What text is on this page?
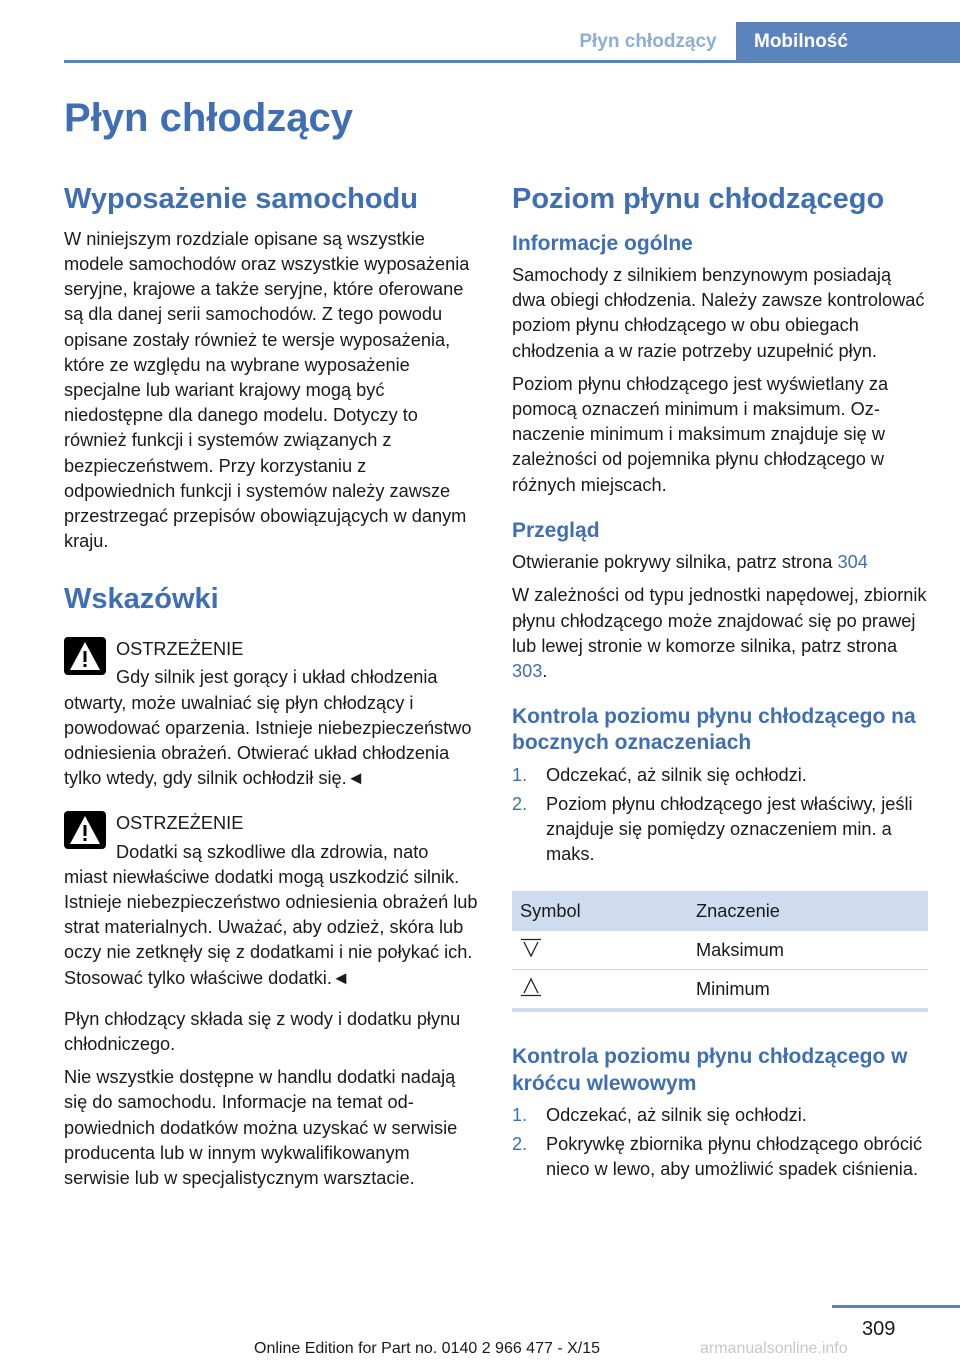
Płyn chłodzący	Mobilność
Płyn chłodzący
Wyposażenie samochodu

W niniejszym rozdziale opisane są wszystkie modele samochodów oraz wszystkie wyposażenia seryjne, krajowe a także seryjne, które oferowane są dla danej serii samochodów. Z tego powodu opisane zostały również te wersje wyposażenia, które ze względu na wybrane wyposażenie specjalne lub wariant krajowy mogą być niedostępne dla danego modelu. Dotyczy to również funkcji i systemów związanych z bezpieczeństwem. Przy korzystaniu z odpowiednich funkcji i systemów należy zawsze przestrzegać przepisów obowiązujących w danym kraju.

Wskazówki
OSTRZEŻENIE
Gdy silnik jest gorący i układ chłodzenia
otwarty, może uwalniać się płyn chłodzący i powodować oparzenia. Istnieje niebezpieczeństwo odniesienia obrażeń. Otwierać układ chłodzenia tylko wtedy, gdy silnik ochłodził się.◄
OSTRZEŻENIE
Dodatki są szkodliwe dla zdrowia, nato
miast niewłaściwe dodatki mogą uszkodzić silnik. Istnieje niebezpieczeństwo odniesienia obrażeń lub strat materialnych. Uważać, aby odzież, skóra lub oczy nie zetknęły się z dodatkami i nie połykać ich. Stosować tylko właściwe dodatki.◄

Płyn chłodzący składa się z wody i dodatku płynu chłodniczego.

Nie wszystkie dostępne w handlu dodatki nadają się do samochodu. Informacje na temat odpowiednich dodatków można uzyskać w serwisie producenta lub w innym wykwalifikowanym serwisie lub w specjalistycznym warsztacie.

Poziom płynu chłodzącego
Informacje ogólne

Samochody z silnikiem benzynowym posiadają dwa obiegi chłodzenia. Należy zawsze kontrolować poziom płynu chłodzącego w obu obiegach chłodzenia a w razie potrzeby uzupełnić płyn.

Poziom płynu chłodzącego jest wyświetlany za pomocą oznaczeń minimum i maksimum. Oznaczenie minimum i maksimum znajduje się w zależności od pojemnika płynu chłodzącego w różnych miejscach.

Przegląd

Otwieranie pokrywy silnika, patrz strona 304

W zależności od typu jednostki napędowej, zbiornik płynu chłodzącego może znajdować się po prawej lub lewej stronie w komorze silnika, patrz strona 303.

Kontrola poziomu płynu chłodzącego na bocznych oznaczeniach
1. Odczekać, aż silnik się ochłodzi.
2. Poziom płynu chłodzącego jest właściwy, jeśli znajduje się pomiędzy oznaczeniem min. a maks.
Symbol	Znaczenie
	Maksimum
	Minimum
Kontrola poziomu płynu chłodzącego w króćcu wlewowym
1. Odczekać, aż silnik się ochłodzi.
2. Pokrywkę zbiornika płynu chłodzącego obrócić nieco w lewo, aby umożliwić spadek ciśnienia.
309
Online Edition for Part no. 0140 2 966 477 - X/15	armanualsonline.info
